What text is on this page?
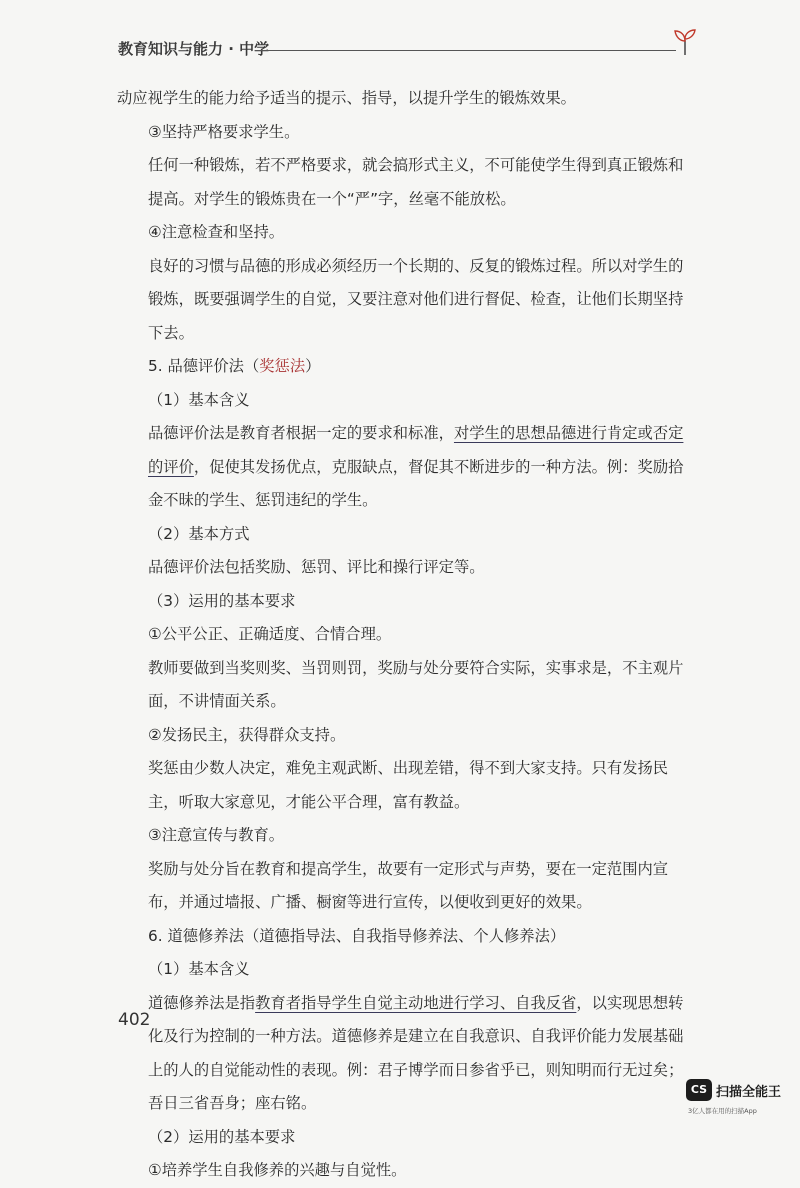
教育知识与能力 · 中学

动应视学生的能力给予适当的提示、指导，以提升学生的锻炼效果。

③坚持严格要求学生。

任何一种锻炼，若不严格要求，就会搞形式主义，不可能使学生得到真正锻炼和提高。对学生的锻炼贵在一个“严”字，丝毫不能放松。

④注意检查和坚持。

良好的习惯与品德的形成必须经历一个长期的、反复的锻炼过程。所以对学生的锻炼，既要强调学生的自觉，又要注意对他们进行督促、检查，让他们长期坚持下去。

5. 品德评价法（奖惩法）

（1）基本含义

品德评价法是教育者根据一定的要求和标准，对学生的思想品德进行肯定或否定的评价，促使其发扬优点，克服缺点，督促其不断进步的一种方法。例：奖励拾金不昧的学生、惩罚违纪的学生。

（2）基本方式

品德评价法包括奖励、惩罚、评比和操行评定等。

（3）运用的基本要求

①公平公正、正确适度、合情合理。

教师要做到当奖则奖、当罚则罚，奖励与处分要符合实际，实事求是，不主观片面，不讲情面关系。

②发扬民主，获得群众支持。

奖惩由少数人决定，难免主观武断、出现差错，得不到大家支持。只有发扬民主，听取大家意见，才能公平合理，富有教益。

③注意宣传与教育。

奖励与处分旨在教育和提高学生，故要有一定形式与声势，要在一定范围内宣布，并通过墙报、广播、橱窗等进行宣传，以便收到更好的效果。

6. 道德修养法（道德指导法、自我指导修养法、个人修养法）

（1）基本含义

道德修养法是指教育者指导学生自觉主动地进行学习、自我反省，以实现思想转化及行为控制的一种方法。道德修养是建立在自我意识、自我评价能力发展基础上的人的自觉能动性的表现。例：君子博学而日参省乎已，则知明而行无过矣；吾日三省吾身；座右铭。

（2）运用的基本要求

①培养学生自我修养的兴趣与自觉性。

402
CS 扫描全能王
3亿人都在用的扫描App
